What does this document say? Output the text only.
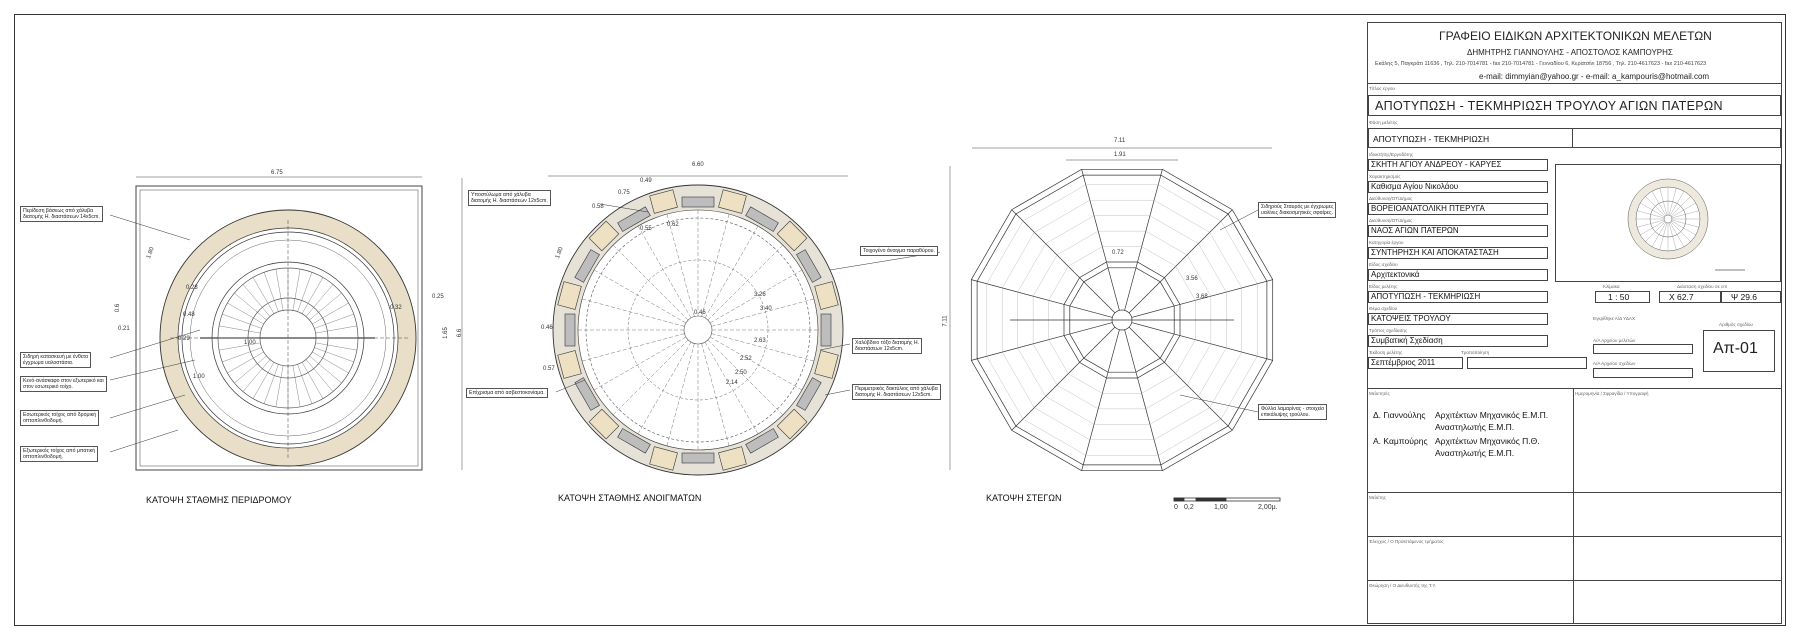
6.75
1.80
0.28
0.48
0.29
0.21
0.6
1.00
0.32
0.25
1.65
1.00
Περίδεση βάσεως από χάλυβα
διατομής Η. διαστάσεων 14x5cm.
Σιδηρή κατασκευή με ένθετα
έγχρωμα υαλοστάσια.
Κενό-ανάσκαφο στον εξωτερικό και
στον εσωτερικό τοίχο.
Εσωτερικός τοίχος από δρομική
οπτοπλινθοδομή.
Εξωτερικός τοίχος από μπατική
οπτοπλινθοδομή.
ΚΑΤΟΨΗ ΣΤΑΘΜΗΣ ΠΕΡΙΔΡΟΜΟΥ
6.60
0.49
0.75
0.58
0.55
0.62
1.80
0.46
0.57
3.26
3.40
2.63
2.52
2.50
0.46
2.14
6.6
Υποστύλωμα από χάλυβα
διατομής Η. διαστάσεων 12x5cm.
Τοιχογένο άνοιγμα παραθύρου.
Χαλύβδινο τόξο διατομής Η.
διαστάσεων 12x5cm.
Περιμετρικός δακτύλιος από χάλυβα
διατομής Η. διαστάσεων 12x5cm.
Επίχρισμα από ασβεστοκονίαμα.
ΚΑΤΟΨΗ ΣΤΑΘΜΗΣ ΑΝΟΙΓΜΑΤΩΝ
7.11
1.91
0.72
3.56
3.68
7.11
Σιδηρούς Σταυρός με έγχρωμες
υαλίνες διακοσμητικές σφαίρες.
Φύλλα λαμαρίνας - στοιχείο
επικάλυψης τρούλου.
ΚΑΤΟΨΗ ΣΤΕΓΩΝ
0 0,2	1,00	2,00μ.
ΓΡΑΦΕΙΟ ΕΙΔΙΚΩΝ ΑΡΧΙΤΕΚΤΟΝΙΚΩΝ ΜΕΛΕΤΩΝ
ΔΗΜΗΤΡΗΣ ΓΙΑΝΝΟΥΛΗΣ - ΑΠΟΣΤΟΛΟΣ ΚΑΜΠΟΥΡΗΣ
Εκάλης 5, Παγκράτι 11636 , Τηλ. 210-7014781 - fax 210-7014781 - Γενναδίου 6, Κερατσίνι 18756 , Τηλ. 210-4617623 - fax 210-4617623
e-mail: dimmyian@yahoo.gr - e-mail: a_kampouris@hotmail.com
Τίτλος έργου
ΑΠΟΤΥΠΩΣΗ - ΤΕΚΜΗΡΙΩΣΗ ΤΡΟΥΛΟΥ ΑΓΙΩΝ ΠΑΤΕΡΩΝ
Φάση μελέτης
ΑΠΟΤΥΠΩΣΗ - ΤΕΚΜΗΡΙΩΣΗ
Ιδιοκτήτης/Εργοδότης
ΣΚΗΤΗ ΑΓΙΟΥ ΑΝΔΡΕΟΥ - ΚΑΡΥΕΣ
Χαρακτηρισμός
Καθισμα Αγίου Νικολάου
Διεύθυνση/ΟΤ/Δήμος
ΒΟΡΕΙΟΑΝΑΤΟΛΙΚΗ ΠΤΕΡΥΓΑ
Διεύθυνση/ΟΤ/Δήμος
ΝΑΟΣ ΑΓΙΩΝ ΠΑΤΕΡΩΝ
Κατηγορία έργου
ΣΥΝΤΗΡΗΣΗ ΚΑΙ ΑΠΟΚΑΤΑΣΤΑΣΗ
Είδος σχεδίου
Αρχιτεκτονικά
Είδος μελέτης
ΑΠΟΤΥΠΩΣΗ - ΤΕΚΜΗΡΙΩΣΗ
Κλίμακα	Διάσταση σχεδίου σε cm
1 : 50	X 62.7	Ψ 29.6
Θέμα σχεδίου
ΚΑΤΟΨΕΙΣ ΤΡΟΥΛΟΥ	Εγκρίθηκε Α/Δ ΥΔΑΧ
Τρόπος σχεδίασης
Συμβατική Σχεδίαση	Α/Α Αρχείου μελετών
Έκδοση μελέτης	Τροποποίηση
Σεπτέμβριος 2011	Α/Α Αρχείου σχεδίων
Αριθμός σχεδίου
Απ-01
Μελετητές	Ημερομηνία / Σφραγίδα / Υπογραφή
Δ. Γιαννούλης Αρχιτέκτων Μηχανικός Ε.Μ.Π.
Αναστηλωτής Ε.Μ.Π.
Α. Καμπούρης Αρχιτέκτων Μηχανικός Π.Θ.
Αναστηλωτής Ε.Μ.Π.
Μελέτης
Έλεγχος / Ο Προϊστάμενος τμήματος
Θεώρηση / Ο Διευθυντής της Τ.Υ.
